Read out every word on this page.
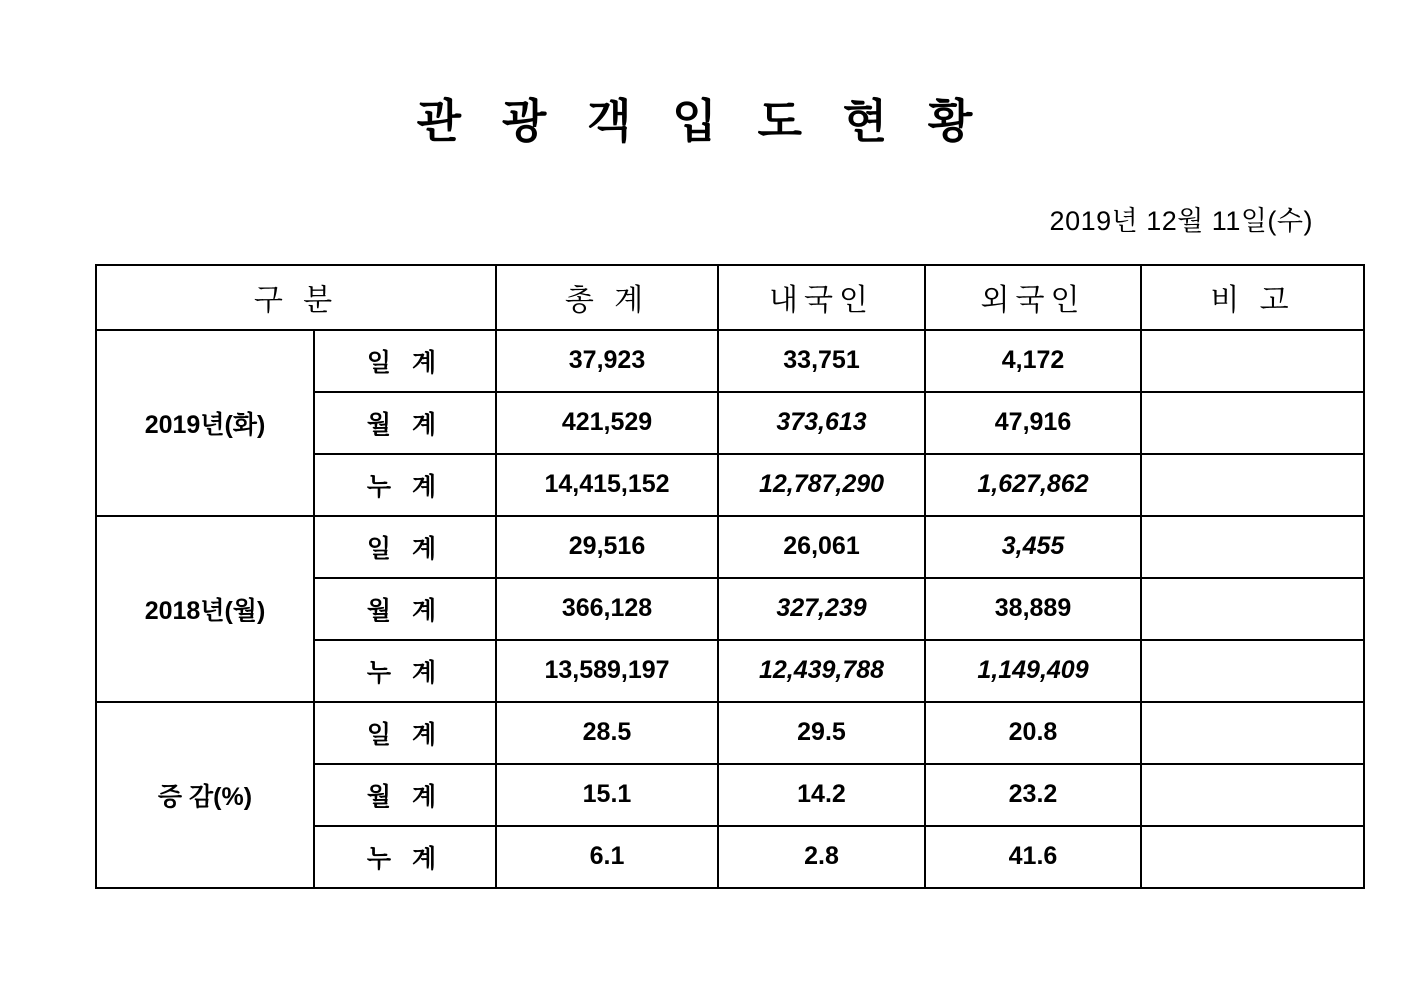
관 광 객 입 도 현 황
2019년 12월 11일(수)
구 분		총 계	내국인	외국인	비 고
2019년(화)	일 계	37,923	33,751	4,172	
	월 계	421,529	373,613	47,916	
	누 계	14,415,152	12,787,290	1,627,862	
2018년(월)	일 계	29,516	26,061	3,455	
	월 계	366,128	327,239	38,889	
	누 계	13,589,197	12,439,788	1,149,409	
증 감(%)	일 계	28.5	29.5	20.8	
	월 계	15.1	14.2	23.2	
	누 계	6.1	2.8	41.6	
